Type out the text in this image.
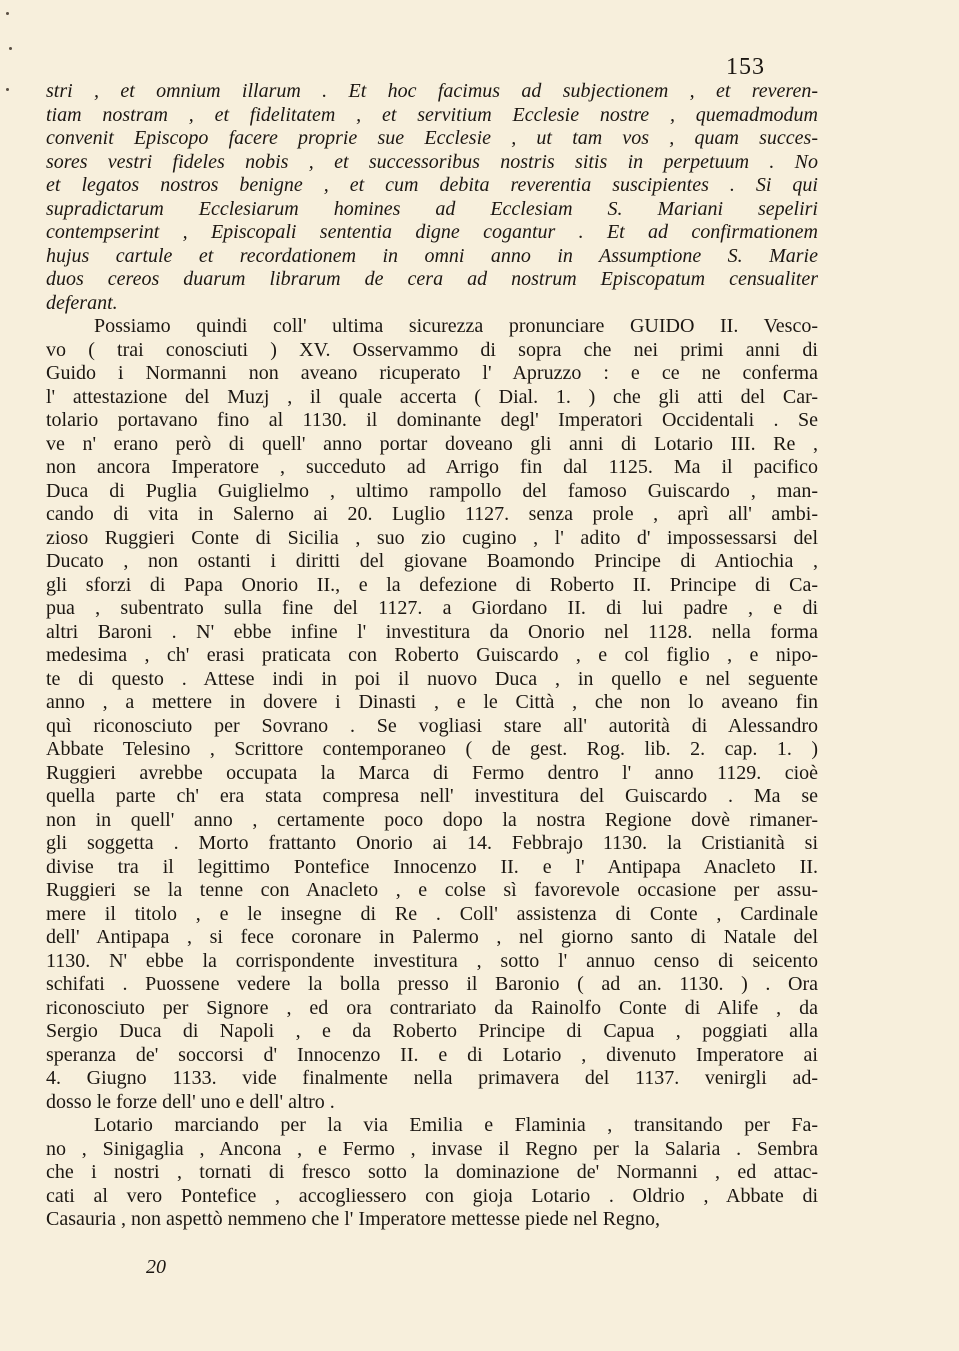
153
stri , et omnium illarum . Et hoc facimus ad subjectionem , et reveren-
tiam nostram , et fidelitatem , et servitium Ecclesie nostre , quemadmodum
convenit Episcopo facere proprie sue Ecclesie , ut tam vos , quam succes-
sores vestri fideles nobis , et successoribus nostris sitis in perpetuum . No
et legatos nostros benigne , et cum debita reverentia suscipientes . Si qui
supradictarum Ecclesiarum homines ad Ecclesiam S. Mariani sepeliri
contempserint , Episcopali sententia digne cogantur . Et ad confirmationem
hujus cartule et recordationem in omni anno in Assumptione S. Marie
duos cereos duarum librarum de cera ad nostrum Episcopatum censualiter
deferant.
Possiamo quindi coll' ultima sicurezza pronunciare GUIDO II. Vesco-
vo ( trai conosciuti ) XV. Osservammo di sopra che nei primi anni di
Guido i Normanni non aveano ricuperato l' Apruzzo : e ce ne conferma
l' attestazione del Muzj , il quale accerta ( Dial. 1. ) che gli atti del Car-
tolario portavano fino al 1130. il dominante degl' Imperatori Occidentali . Se
ve n' erano però di quell' anno portar doveano gli anni di Lotario III. Re ,
non ancora Imperatore , succeduto ad Arrigo fin dal 1125. Ma il pacifico
Duca di Puglia Guiglielmo , ultimo rampollo del famoso Guiscardo , man-
cando di vita in Salerno ai 20. Luglio 1127. senza prole , aprì all' ambi-
zioso Ruggieri Conte di Sicilia , suo zio cugino , l' adito d' impossessarsi del
Ducato , non ostanti i diritti del giovane Boamondo Principe di Antiochia ,
gli sforzi di Papa Onorio II., e la defezione di Roberto II. Principe di Ca-
pua , subentrato sulla fine del 1127. a Giordano II. di lui padre , e di
altri Baroni . N' ebbe infine l' investitura da Onorio nel 1128. nella forma
medesima , ch' erasi praticata con Roberto Guiscardo , e col figlio , e nipo-
te di questo . Attese indi in poi il nuovo Duca , in quello e nel seguente
anno , a mettere in dovere i Dinasti , e le Città , che non lo aveano fin
quì riconosciuto per Sovrano . Se vogliasi stare all' autorità di Alessandro
Abbate Telesino , Scrittore contemporaneo ( de gest. Rog. lib. 2. cap. 1. )
Ruggieri avrebbe occupata la Marca di Fermo dentro l' anno 1129. cioè
quella parte ch' era stata compresa nell' investitura del Guiscardo . Ma se
non in quell' anno , certamente poco dopo la nostra Regione dovè rimaner-
gli soggetta . Morto frattanto Onorio ai 14. Febbrajo 1130. la Cristianità si
divise tra il legittimo Pontefice Innocenzo II. e l' Antipapa Anacleto II.
Ruggieri se la tenne con Anacleto , e colse sì favorevole occasione per assu-
mere il titolo , e le insegne di Re . Coll' assistenza di Conte , Cardinale
dell' Antipapa , si fece coronare in Palermo , nel giorno santo di Natale del
1130. N' ebbe la corrispondente investitura , sotto l' annuo censo di seicento
schifati . Puossene vedere la bolla presso il Baronio ( ad an. 1130. ) . Ora
riconosciuto per Signore , ed ora contrariato da Rainolfo Conte di Alife , da
Sergio Duca di Napoli , e da Roberto Principe di Capua , poggiati alla
speranza de' soccorsi d' Innocenzo II. e di Lotario , divenuto Imperatore ai
4. Giugno 1133. vide finalmente nella primavera del 1137. venirgli ad-
dosso le forze dell' uno e dell' altro .
Lotario marciando per la via Emilia e Flaminia , transitando per Fa-
no , Sinigaglia , Ancona , e Fermo , invase il Regno per la Salaria . Sembra
che i nostri , tornati di fresco sotto la dominazione de' Normanni , ed attac-
cati al vero Pontefice , accogliessero con gioja Lotario . Oldrio , Abbate di
Casauria , non aspettò nemmeno che l' Imperatore mettesse piede nel Regno,
20
